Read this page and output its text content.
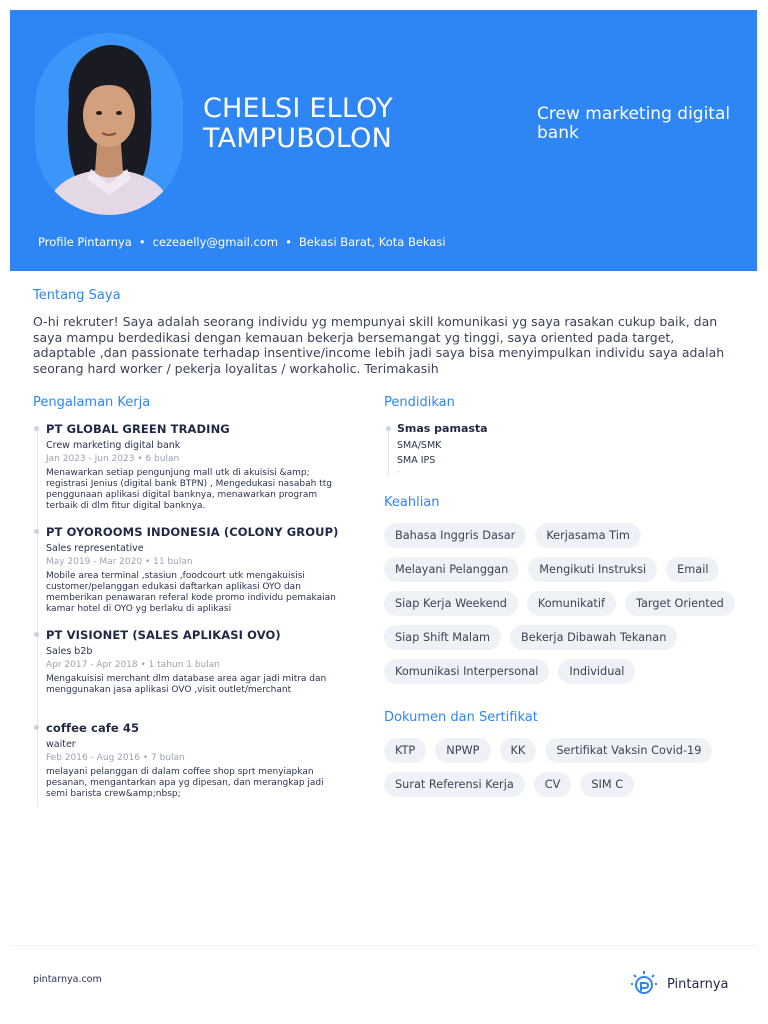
CHELSI ELLOY TAMPUBOLON
Crew marketing digital bank
Profile Pintarnya • cezeaelly@gmail.com • Bekasi Barat, Kota Bekasi
Tentang Saya
O-hi rekruter! Saya adalah seorang individu yg mempunyai skill komunikasi yg saya rasakan cukup baik, dan saya mampu berdedikasi dengan kemauan bekerja bersemangat yg tinggi, saya oriented pada target, adaptable ,dan passionate terhadap insentive/income lebih jadi saya bisa menyimpulkan individu saya adalah seorang hard worker / pekerja loyalitas / workaholic. Terimakasih
Pengalaman Kerja
PT GLOBAL GREEN TRADING
Crew marketing digital bank
Jan 2023 - Jun 2023 • 6 bulan
Menawarkan setiap pengunjung mall utk di akuisisi &amp; registrasi Jenius (digital bank BTPN) , Mengedukasi nasabah ttg penggunaan aplikasi digital banknya, menawarkan program terbaik di dlm fitur digital banknya.
PT OYOROOMS INDONESIA (COLONY GROUP)
Sales representative
May 2019 - Mar 2020 • 11 bulan
Mobile area terminal ,stasiun ,foodcourt utk mengakuisisi customer/pelanggan edukasi daftarkan aplikasi OYO dan memberikan penawaran referal kode promo individu pemakaian kamar hotel di OYO yg berlaku di aplikasi
PT VISIONET (SALES APLIKASI OVO)
Sales b2b
Apr 2017 - Apr 2018 • 1 tahun 1 bulan
Mengakuisisi merchant dlm database area agar jadi mitra dan menggunakan jasa aplikasi OVO ,visit outlet/merchant
coffee cafe 45
waiter
Feb 2016 - Aug 2016 • 7 bulan
melayani pelanggan di dalam coffee shop sprt menyiapkan pesanan, mengantarkan apa yg dipesan, dan merangkap jadi semi barista crew&amp;nbsp;
Pendidikan
Smas pamasta
SMA/SMK
SMA IPS
-
Keahlian
Bahasa Inggris Dasar	Kerjasama Tim
Melayani Pelanggan	Mengikuti Instruksi	Email
Siap Kerja Weekend	Komunikatif	Target Oriented
Siap Shift Malam	Bekerja Dibawah Tekanan
Komunikasi Interpersonal	Individual
Dokumen dan Sertifikat
KTP	NPWP	KK	Sertifikat Vaksin Covid-19
Surat Referensi Kerja	CV	SIM C
pintarnya.com	Pintarnya
